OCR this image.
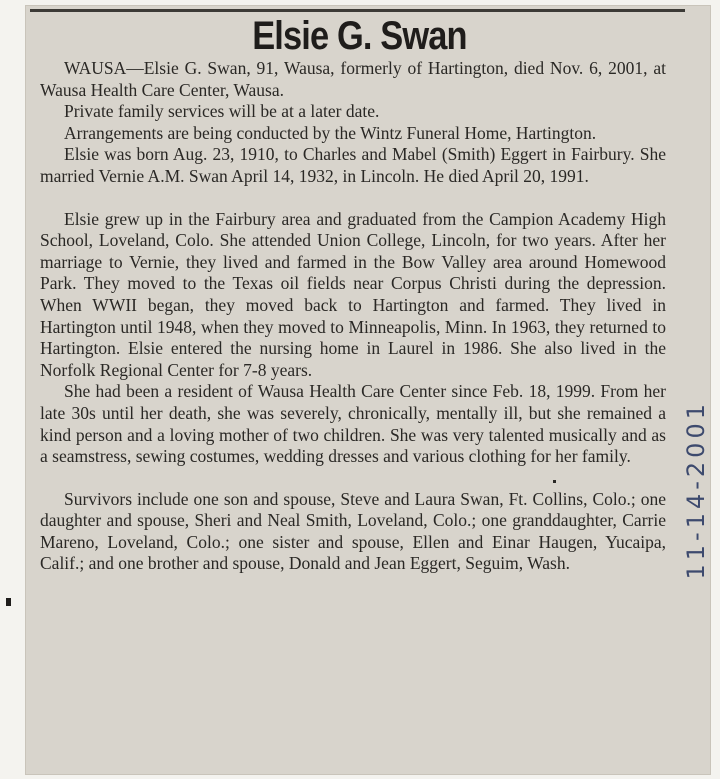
Elsie G. Swan

WAUSA—Elsie G. Swan, 91, Wausa, formerly of Hartington, died Nov. 6, 2001, at Wausa Health Care Center, Wausa.

Private family services will be at a later date.

Arrangements are being conducted by the Wintz Funeral Home, Hartington.

Elsie was born Aug. 23, 1910, to Charles and Mabel (Smith) Eggert in Fairbury. She married Vernie A.M. Swan April 14, 1932, in Lincoln. He died April 20, 1991.

Elsie grew up in the Fairbury area and graduated from the Campion Academy High School, Loveland, Colo. She attended Union College, Lincoln, for two years. After her marriage to Vernie, they lived and farmed in the Bow Valley area around Homewood Park. They moved to the Texas oil fields near Corpus Christi during the depression. When WWII began, they moved back to Hartington and farmed. They lived in Hartington until 1948, when they moved to Minneapolis, Minn. In 1963, they returned to Hartington. Elsie entered the nursing home in Laurel in 1986. She also lived in the Norfolk Regional Center for 7-8 years.

She had been a resident of Wausa Health Care Center since Feb. 18, 1999. From her late 30s until her death, she was severely, chronically, mentally ill, but she remained a kind person and a loving mother of two children. She was very talented musically and as a seamstress, sewing costumes, wedding dresses and various clothing for her family.

Survivors include one son and spouse, Steve and Laura Swan, Ft. Collins, Colo.; one daughter and spouse, Sheri and Neal Smith, Loveland, Colo.; one granddaughter, Carrie Mareno, Loveland, Colo.; one sister and spouse, Ellen and Einar Haugen, Yucaipa, Calif.; and one brother and spouse, Donald and Jean Eggert, Seguim, Wash.	11-14-2001
